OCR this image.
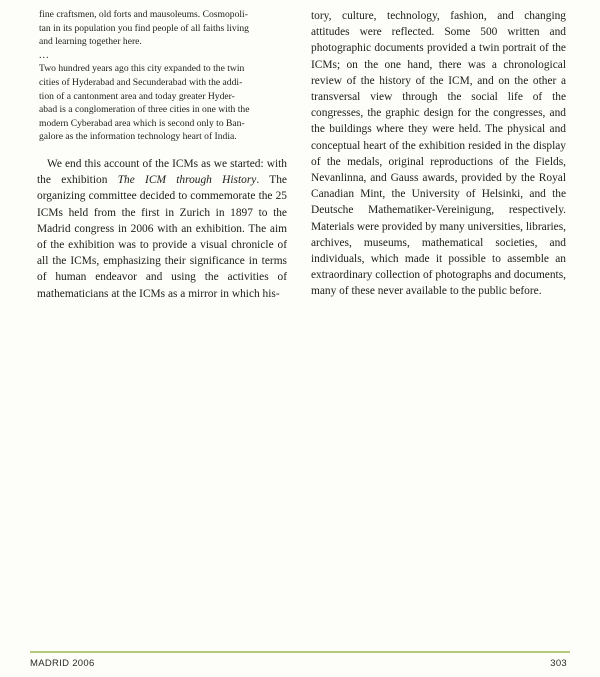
fine craftsmen, old forts and mausoleums. Cosmopoli-

tan in its population you find people of all faiths living

and learning together here.

...

Two hundred years ago this city expanded to the twin

cities of Hyderabad and Secunderabad with the addi-

tion of a cantonment area and today greater Hyder-

abad is a conglomeration of three cities in one with the

modern Cyberabad area which is second only to Ban-

galore as the information technology heart of India.

We end this account of the ICMs as we started: with the exhibition The ICM through History. The organizing committee decided to commemorate the 25 ICMs held from the first in Zurich in 1897 to the Madrid congress in 2006 with an exhibition. The aim of the exhibition was to provide a visual chronicle of all the ICMs, emphasizing their significance in terms of human endeavor and using the activities of mathematicians at the ICMs as a mirror in which his-

tory, culture, technology, fashion, and changing attitudes were reflected. Some 500 written and photographic documents provided a twin portrait of the ICMs; on the one hand, there was a chronological review of the history of the ICM, and on the other a transversal view through the social life of the congresses, the graphic design for the congresses, and the buildings where they were held. The physical and conceptual heart of the exhibition resided in the display of the medals, original reproductions of the Fields, Nevanlinna, and Gauss awards, provided by the Royal Canadian Mint, the University of Helsinki, and the Deutsche Mathematiker-Vereinigung, respectively. Materials were provided by many universities, libraries, archives, museums, mathematical societies, and individuals, which made it possible to assemble an extraordinary collection of photographs and documents, many of these never available to the public before.

MADRID 2006	303
